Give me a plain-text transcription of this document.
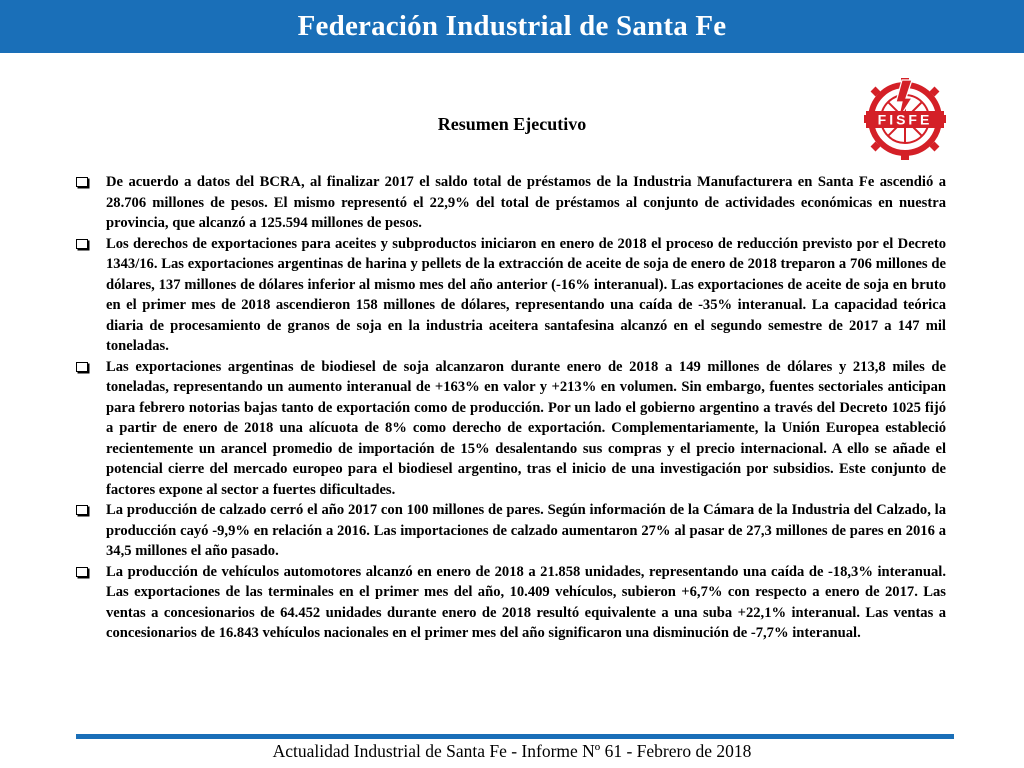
Federación Industrial de Santa Fe
FISFE
Resumen Ejecutivo
De acuerdo a datos del BCRA, al finalizar 2017 el saldo total de préstamos de la Industria Manufacturera en Santa Fe ascendió a 28.706 millones de pesos. El mismo representó el 22,9% del total de préstamos al conjunto de actividades económicas en nuestra provincia, que alcanzó a 125.594 millones de pesos.
Los derechos de exportaciones para aceites y subproductos iniciaron en enero de 2018 el proceso de reducción previsto por el Decreto 1343/16. Las exportaciones argentinas de harina y pellets de la extracción de aceite de soja de enero de 2018 treparon a 706 millones de dólares, 137 millones de dólares inferior al mismo mes del año anterior (-16% interanual). Las exportaciones de aceite de soja en bruto en el primer mes de 2018 ascendieron 158 millones de dólares, representando una caída de -35% interanual. La capacidad teórica diaria de procesamiento de granos de soja en la industria aceitera santafesina alcanzó en el segundo semestre de 2017 a 147 mil toneladas.
Las exportaciones argentinas de biodiesel de soja alcanzaron durante enero de 2018 a 149 millones de dólares y 213,8 miles de toneladas, representando un aumento interanual de +163% en valor y +213% en volumen. Sin embargo, fuentes sectoriales anticipan para febrero notorias bajas tanto de exportación como de producción. Por un lado el gobierno argentino a través del Decreto 1025 fijó a partir de enero de 2018 una alícuota de 8% como derecho de exportación. Complementariamente, la Unión Europea estableció recientemente un arancel promedio de importación de 15% desalentando sus compras y el precio internacional. A ello se añade el potencial cierre del mercado europeo para el biodiesel argentino, tras el inicio de una investigación por subsidios. Este conjunto de factores expone al sector a fuertes dificultades.
La producción de calzado cerró el año 2017 con 100 millones de pares. Según información de la Cámara de la Industria del Calzado, la producción cayó -9,9% en relación a 2016. Las importaciones de calzado aumentaron 27% al pasar de 27,3 millones de pares en 2016 a 34,5 millones el año pasado.
La producción de vehículos automotores alcanzó en enero de 2018 a 21.858 unidades, representando una caída de -18,3% interanual. Las exportaciones de las terminales en el primer mes del año, 10.409 vehículos, subieron +6,7% con respecto a enero de 2017. Las ventas a concesionarios de 64.452 unidades durante enero de 2018 resultó equivalente a una suba +22,1% interanual. Las ventas a concesionarios de 16.843 vehículos nacionales en el primer mes del año significaron una disminución de -7,7% interanual.
Actualidad Industrial de Santa Fe - Informe Nº 61 - Febrero de 2018
